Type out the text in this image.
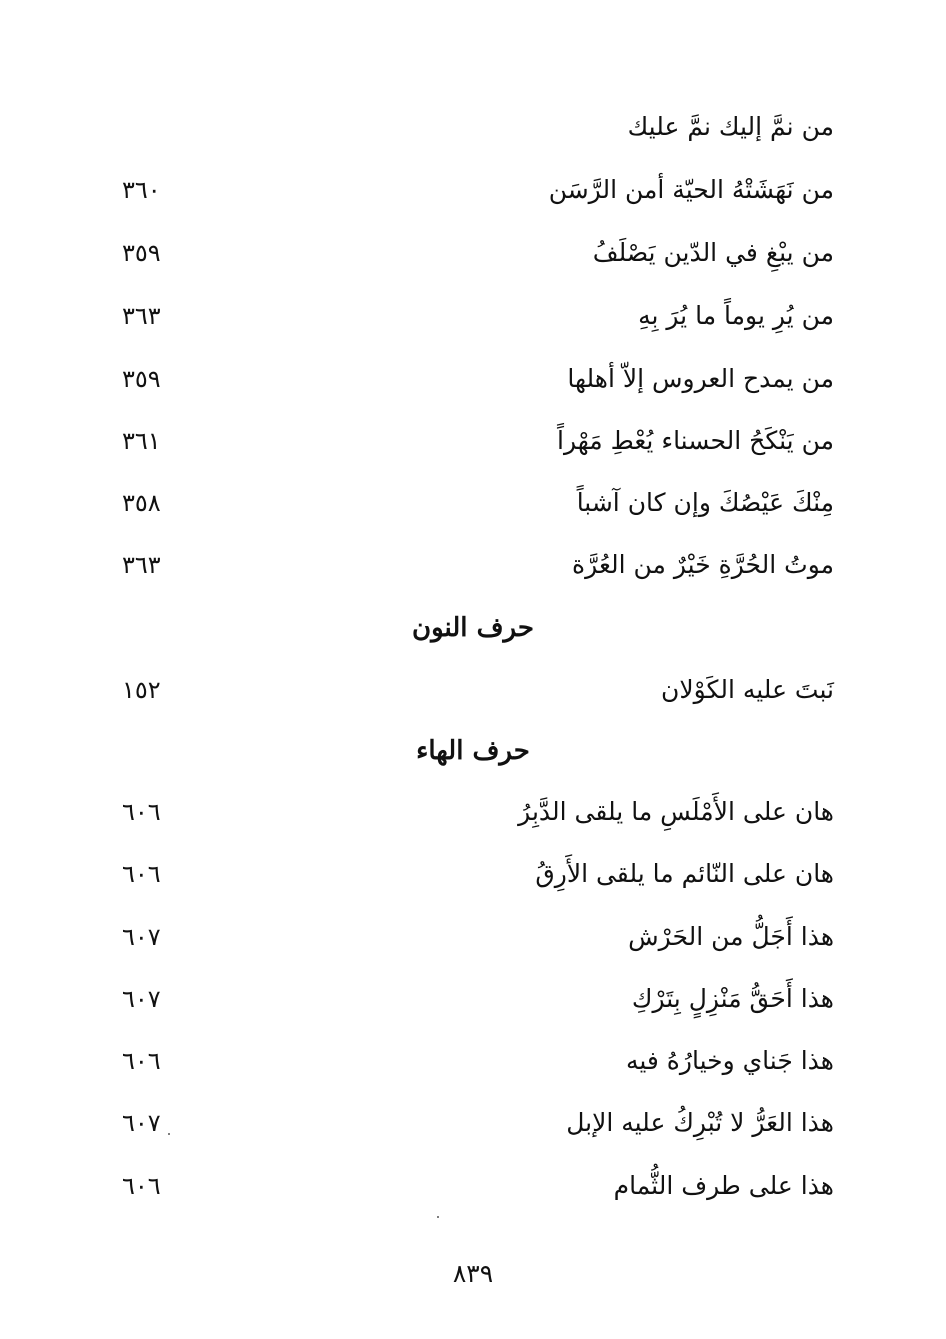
من نمَّ إليك نمَّ عليك
من نَهَشَتْهُ الحيّة أمن الرَّسَن
٣٦٠
من يبْغِ في الدّين يَصْلَفُ
٣٥٩
من يُرِ يوماً ما يُرَ بِهِ
٣٦٣
من يمدح العروس إلاّ أهلها
٣٥٩
من يَنْكَحُ الحسناء يُعْطِ مَهْراً
٣٦١
مِنْكَ عَيْصُكَ وإن كان آشباً
٣٥٨
موتُ الحُرَّةِ خَيْرٌ من العُرَّة
٣٦٣
حرف النون
نَبتَ عليه الكَوْلان
١٥٢
حرف الهاء
هان على الأَمْلَسِ ما يلقى الدَّبِرُ
٦٠٦
هان على النّائم ما يلقى الأَرِقُ
٦٠٦
هذا أَجَلُّ من الحَرْش
٦٠٧
هذا أَحَقُّ مَنْزِلٍ بِتَرْكِ
٦٠٧
هذا جَناي وخيارُهُ فيه
٦٠٦
هذا العَرُّ لا تُبْرِكُ عليه الإبل
٦٠٧
هذا على طرف الثُّمام
٦٠٦
٨٣٩
